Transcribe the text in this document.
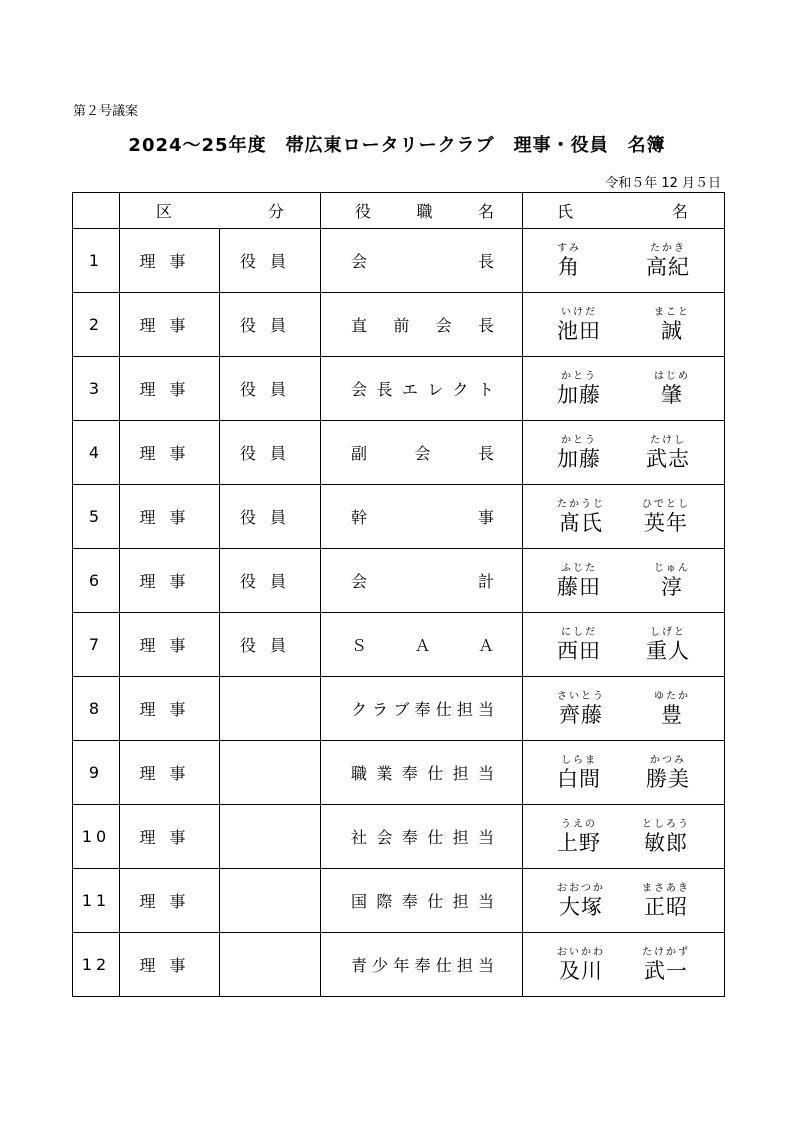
第２号議案
2024～25年度　帯広東ロータリークラブ　理事・役員　名簿
令和５年 12 月５日

	区 分		役 職 名	氏 名

1	理事	役員	会　　　　長	すみ
角
たかき
高紀

2	理事	役員	直前会長	いけだ
池田
まこと
誠

3	理事	役員	会長エレクト	かとう
加藤
はじめ
肇

4	理事	役員	副会長	かとう
加藤
たけし
武志

5	理事	役員	幹　　　　事	たかうじ
髙氏
ひでとし
英年

6	理事	役員	会　　　　計	ふじた
藤田
じゅん
淳

7	理事	役員	ＳＡＡ	にしだ
西田
しげと
重人

8	理事		クラブ奉仕担当	さいとう
齊藤
ゆたか
豊

9	理事		職業奉仕担当	しらま
白間
かつみ
勝美

10	理事		社会奉仕担当	うえの
上野
としろう
敏郎

11	理事		国際奉仕担当	おおつか
大塚
まさあき
正昭

12	理事		青少年奉仕担当	おいかわ
及川
たけかず
武一
